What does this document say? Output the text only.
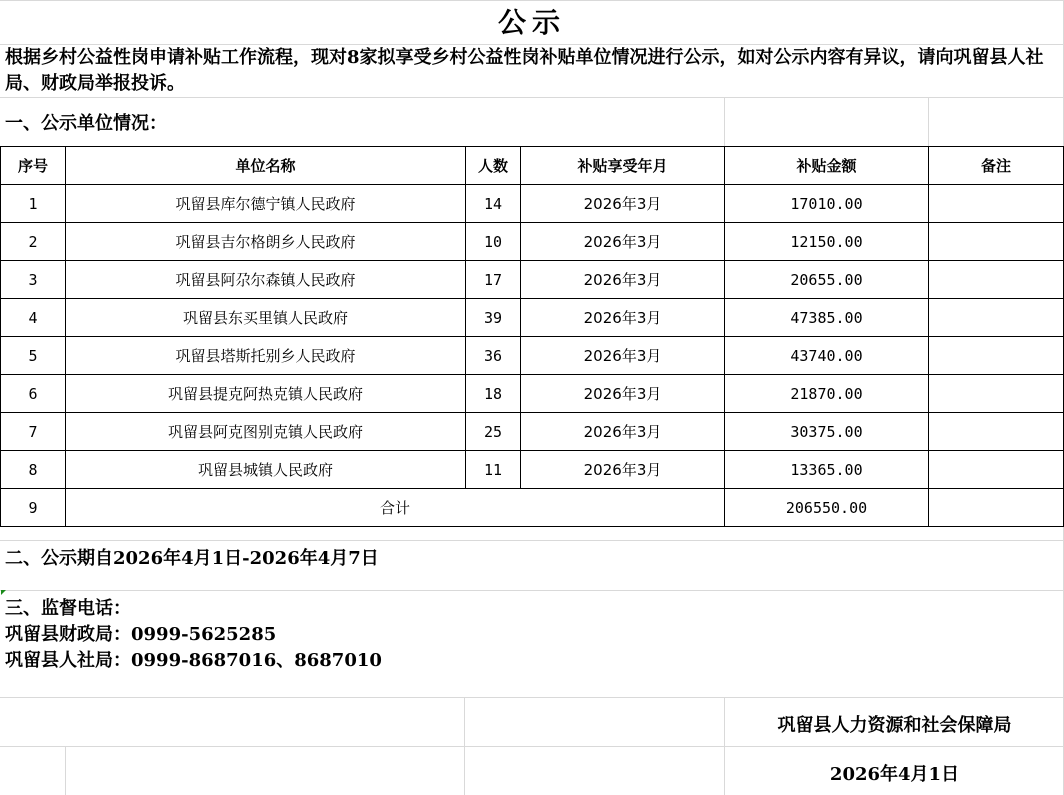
公示
根据乡村公益性岗申请补贴工作流程，现对8家拟享受乡村公益性岗补贴单位情况进行公示，如对公示内容有异议，请向巩留县人社局、财政局举报投诉。
一、公示单位情况：
序号	单位名称	人数	补贴享受年月	补贴金额	备注
1	巩留县库尔德宁镇人民政府	14	2026年3月	17010.00	
2	巩留县吉尔格朗乡人民政府	10	2026年3月	12150.00	
3	巩留县阿尕尔森镇人民政府	17	2026年3月	20655.00	
4	巩留县东买里镇人民政府	39	2026年3月	47385.00	
5	巩留县塔斯托别乡人民政府	36	2026年3月	43740.00	
6	巩留县提克阿热克镇人民政府	18	2026年3月	21870.00	
7	巩留县阿克图别克镇人民政府	25	2026年3月	30375.00	
8	巩留县城镇人民政府	11	2026年3月	13365.00	
9	合计			206550.00	
二、公示期自2026年4月1日-2026年4月7日
三、监督电话：
巩留县财政局：0999-5625285
巩留县人社局：0999-8687016、8687010
巩留县人力资源和社会保障局
2026年4月1日
